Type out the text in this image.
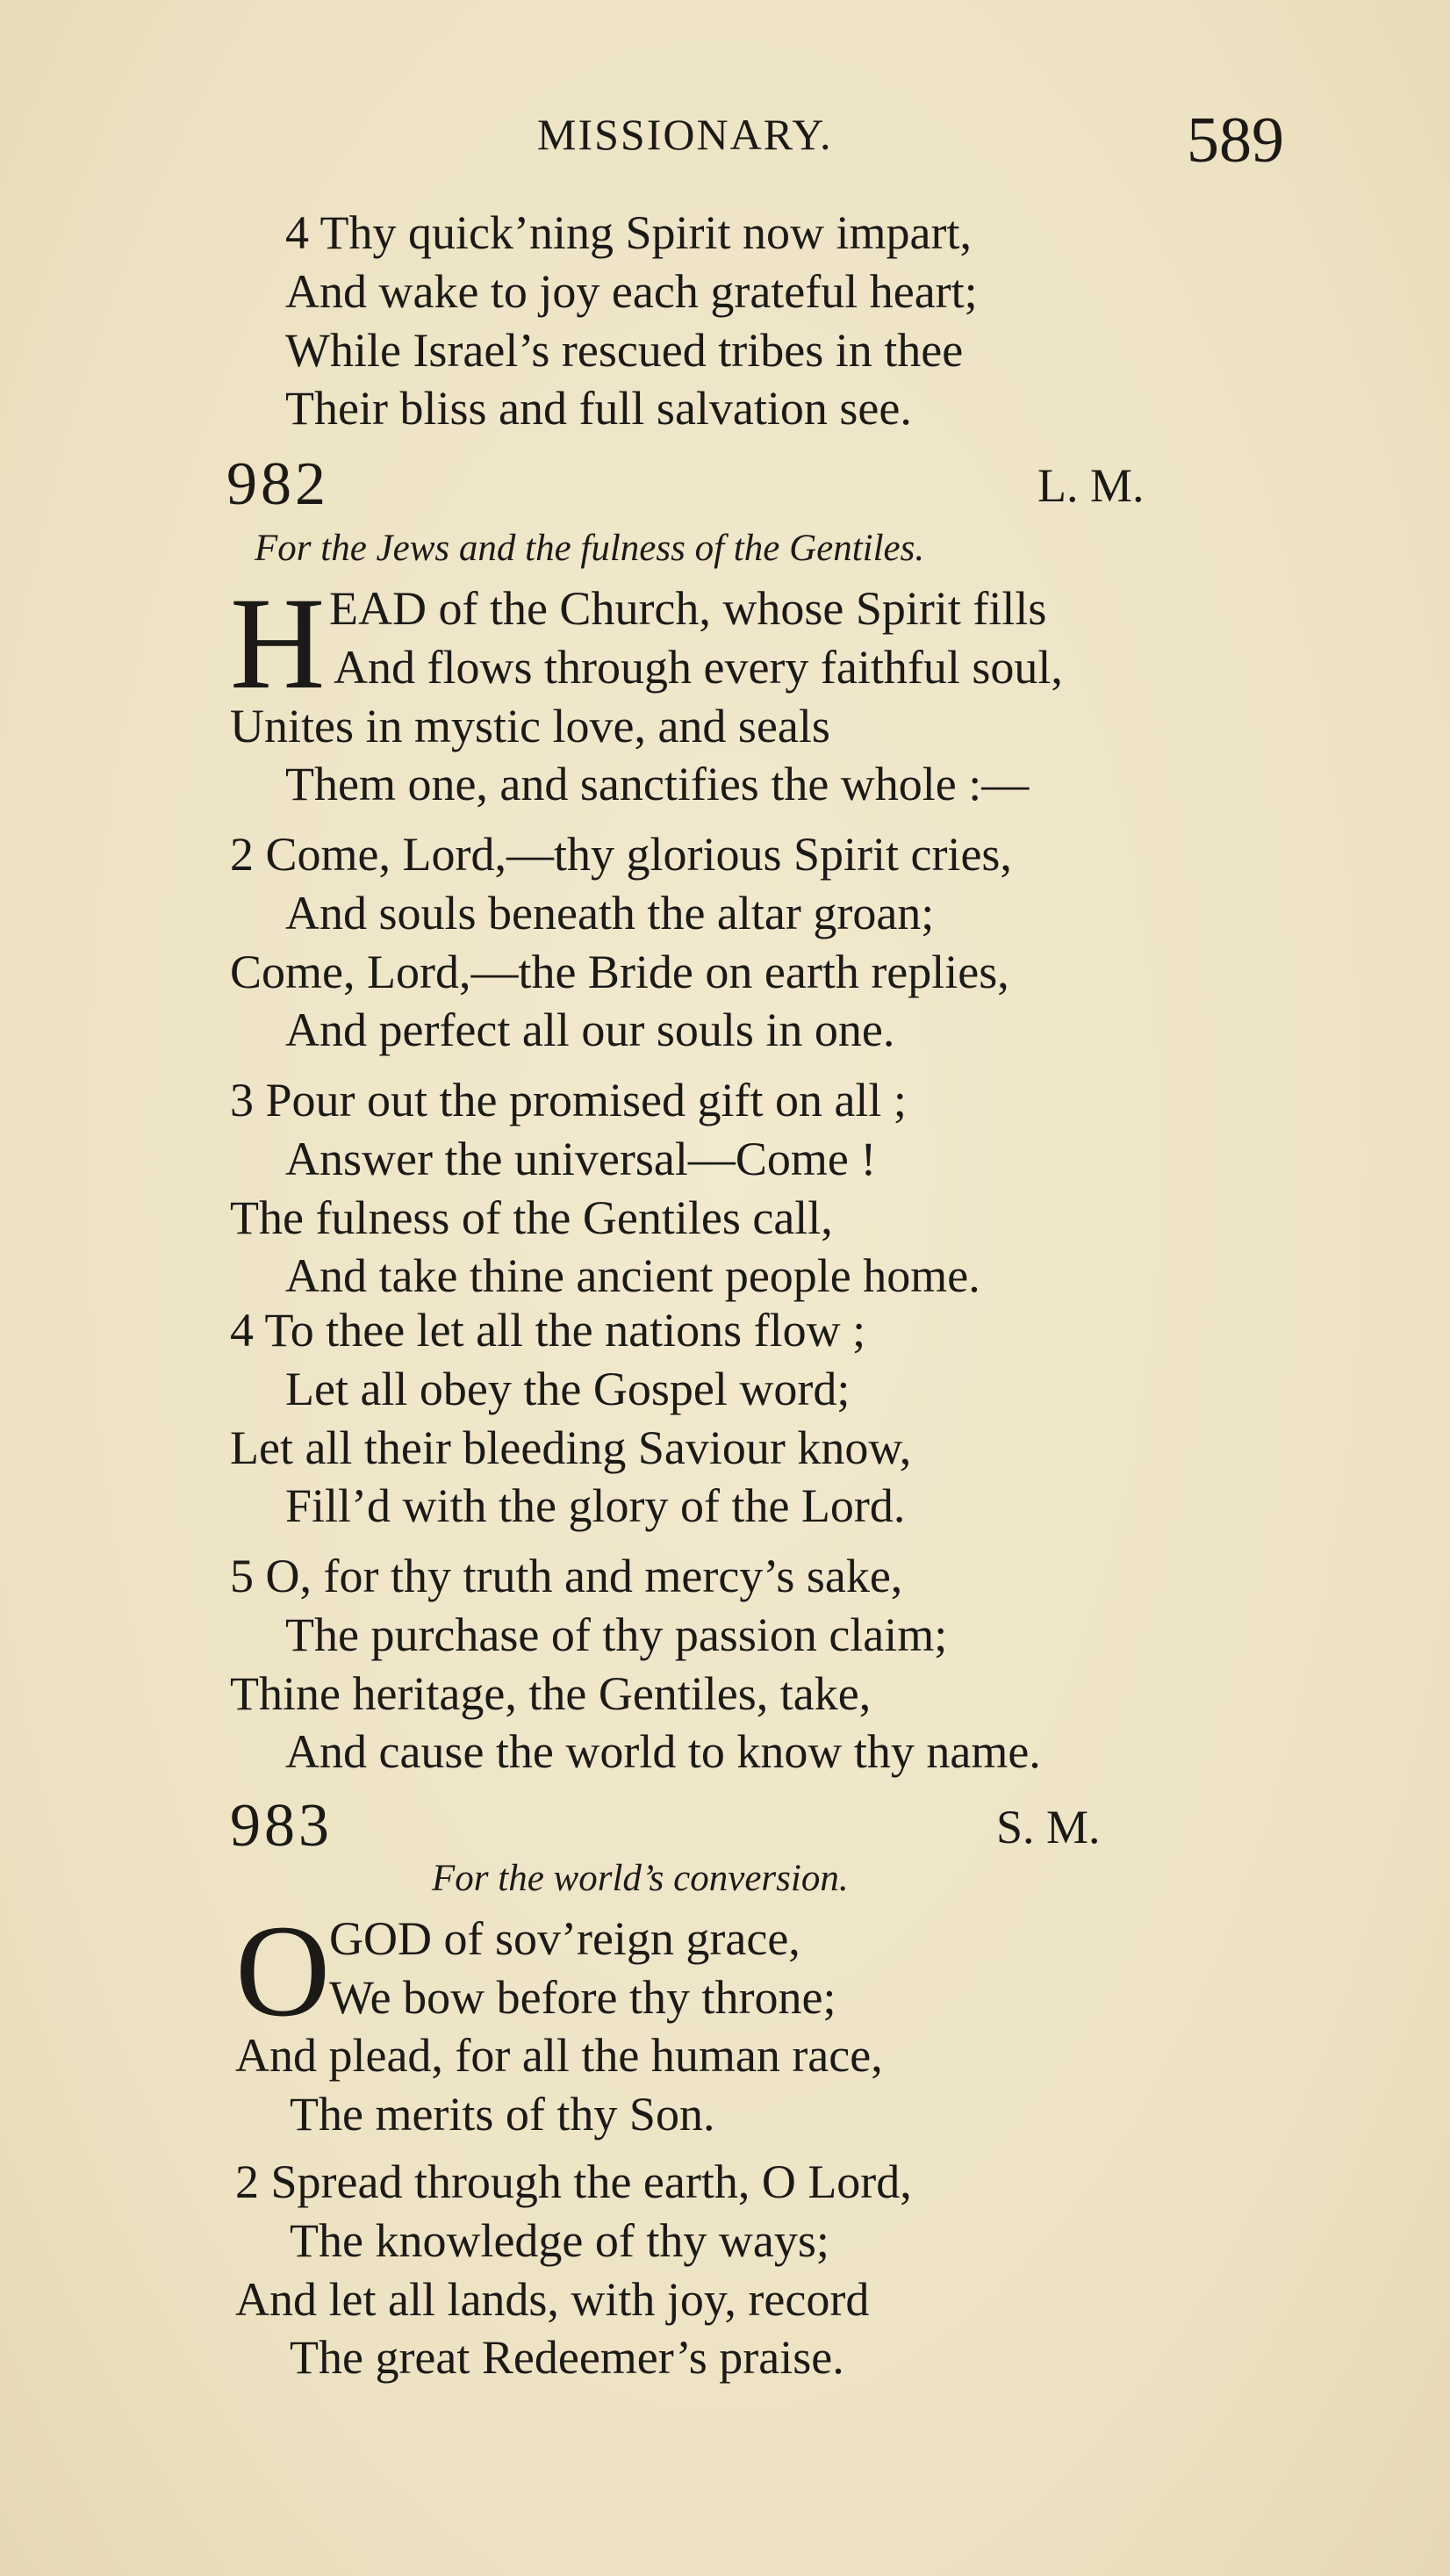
MISSIONARY.	589
4 Thy quick’ning Spirit now impart,
And wake to joy each grateful heart;
While Israel’s rescued tribes in thee
Their bliss and full salvation see.
982	L. M.
For the Jews and the fulness of the Gentiles.
H EAD of the Church, whose Spirit fills
And flows through every faithful soul,
Unites in mystic love, and seals
Them one, and sanctifies the whole :—
2 Come, Lord,—thy glorious Spirit cries,
And souls beneath the altar groan;
Come, Lord,—the Bride on earth replies,
And perfect all our souls in one.
3 Pour out the promised gift on all ;
Answer the universal—Come !
The fulness of the Gentiles call,
And take thine ancient people home.
4 To thee let all the nations flow ;
Let all obey the Gospel word;
Let all their bleeding Saviour know,
Fill’d with the glory of the Lord.
5 O, for thy truth and mercy’s sake,
The purchase of thy passion claim;
Thine heritage, the Gentiles, take,
And cause the world to know thy name.
983	S. M.
For the world’s conversion.
O
GOD of sov’reign grace,
We bow before thy throne;
And plead, for all the human race,
The merits of thy Son.
2 Spread through the earth, O Lord,
The knowledge of thy ways;
And let all lands, with joy, record
The great Redeemer’s praise.
